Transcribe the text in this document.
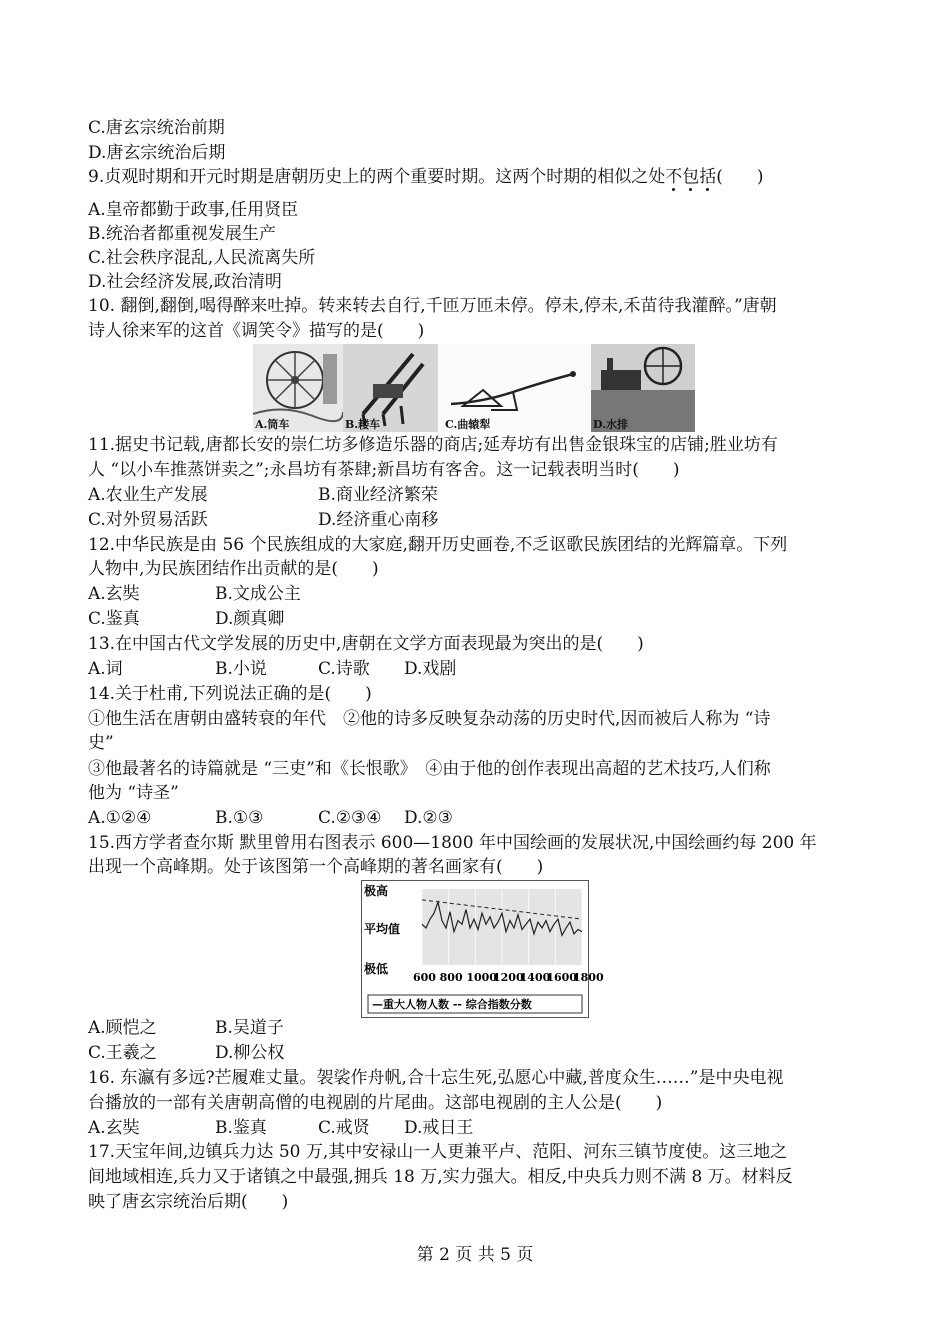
C.唐玄宗统治前期
D.唐玄宗统治后期
9.贞观时期和开元时期是唐朝历史上的两个重要时期。这两个时期的相似之处不包括(　　)
A.皇帝都勤于政事,任用贤臣
B.统治者都重视发展生产
C.社会秩序混乱,人民流离失所
D.社会经济发展,政治清明
10. 翻倒,翻倒,喝得醉来吐掉。转来转去自行,千匝万匝未停。停未,停未,禾苗待我灌醉。”唐朝
诗人徐来军的这首《调笑令》描写的是(　　)
A.筒车	B.耧车	C.曲辕犁	D.水排
11.据史书记载,唐都长安的崇仁坊多修造乐器的商店;延寿坊有出售金银珠宝的店铺;胜业坊有
人 “以小车推蒸饼卖之”;永昌坊有茶肆;新昌坊有客舍。这一记载表明当时(　　)
A.农业生产发展	B.商业经济繁荣
C.对外贸易活跃	D.经济重心南移
12.中华民族是由 56 个民族组成的大家庭,翻开历史画卷,不乏讴歌民族团结的光辉篇章。下列
人物中,为民族团结作出贡献的是(　　)
A.玄奘	B.文成公主
C.鉴真	D.颜真卿
13.在中国古代文学发展的历史中,唐朝在文学方面表现最为突出的是(　　)
A.词	B.小说	C.诗歌 D.戏剧
14.关于杜甫,下列说法正确的是(　　)
①他生活在唐朝由盛转衰的年代　②他的诗多反映复杂动荡的历史时代,因而被后人称为 “诗
史”
③他最著名的诗篇就是 “三吏”和《长恨歌》　④由于他的创作表现出高超的艺术技巧,人们称
他为 “诗圣”
A.①②④	B.①③	C.②③④ D.②③
15.西方学者查尔斯 默里曾用右图表示 600—1800 年中国绘画的发展状况,中国绘画约每 200 年
出现一个高峰期。处于该图第一个高峰期的著名画家有(　　)
极高
平均值
极低
600 800 1000
1200
1400
1600
1800
—重大人物人数 -- 综合指数分数
A.顾恺之	B.吴道子
C.王羲之	D.柳公权
16. 东瀛有多远?芒履难丈量。袈裟作舟帆,合十忘生死,弘愿心中藏,普度众生……”是中央电视
台播放的一部有关唐朝高僧的电视剧的片尾曲。这部电视剧的主人公是(　　)
A.玄奘	B.鉴真	C.戒贤 D.戒日王
17.天宝年间,边镇兵力达 50 万,其中安禄山一人更兼平卢、范阳、河东三镇节度使。这三地之
间地域相连,兵力又于诸镇之中最强,拥兵 18 万,实力强大。相反,中央兵力则不满 8 万。材料反
映了唐玄宗统治后期(　　)
第 2 页 共 5 页
